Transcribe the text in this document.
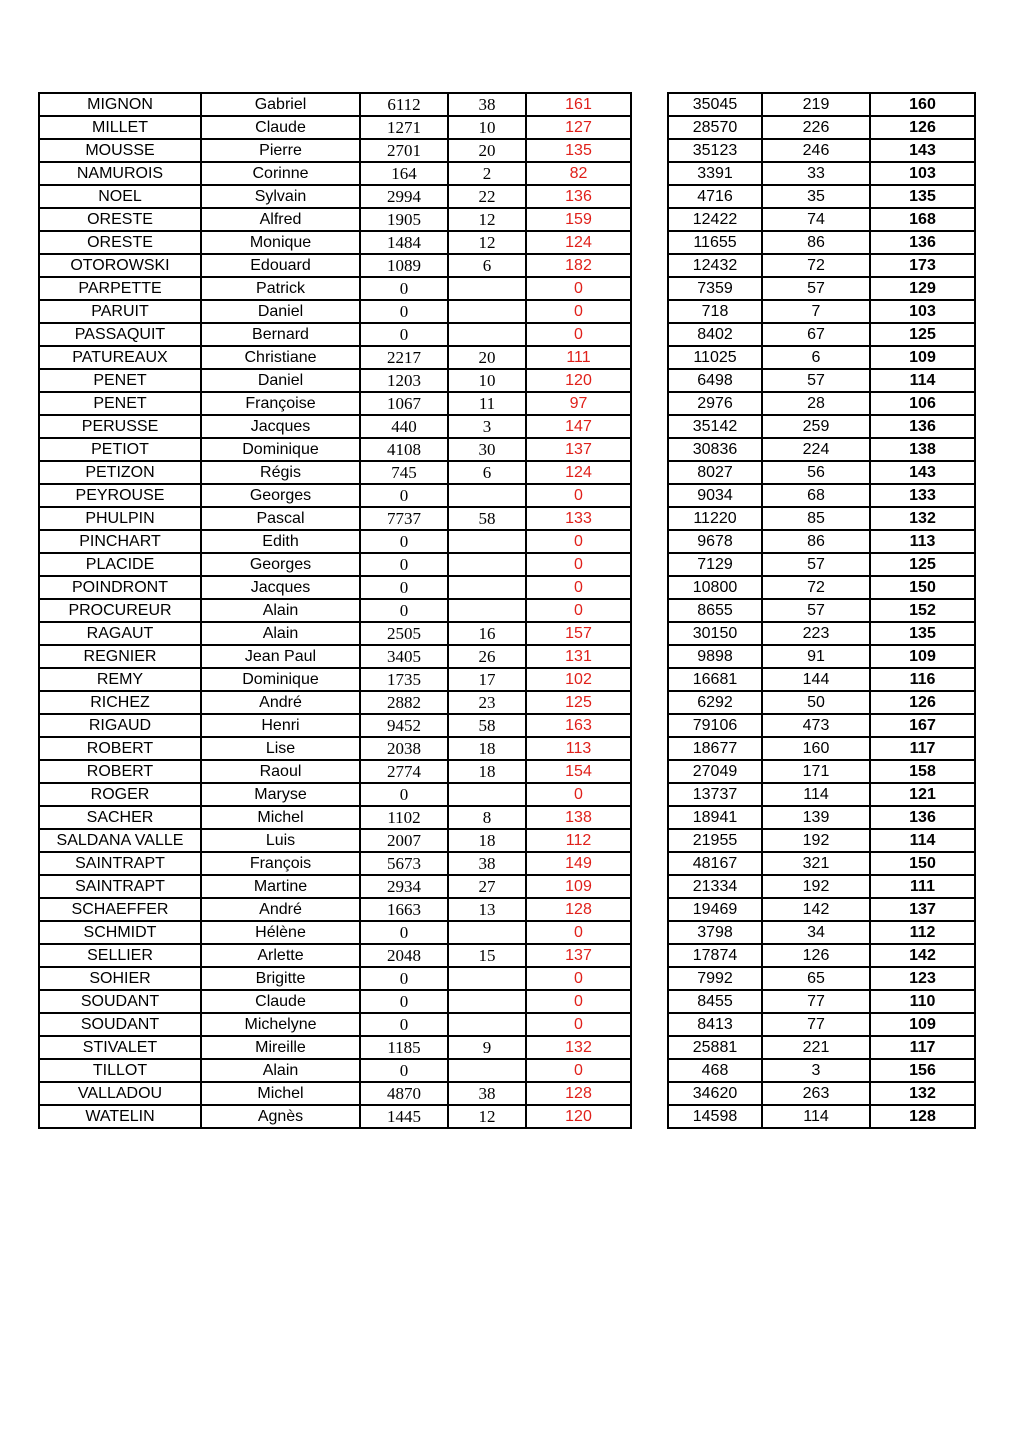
MIGNON	Gabriel	6112	38	161
MILLET	Claude	1271	10	127
MOUSSE	Pierre	2701	20	135
NAMUROIS	Corinne	164	2	82
NOEL	Sylvain	2994	22	136
ORESTE	Alfred	1905	12	159
ORESTE	Monique	1484	12	124
OTOROWSKI	Edouard	1089	6	182
PARPETTE	Patrick	0		0
PARUIT	Daniel	0		0
PASSAQUIT	Bernard	0		0
PATUREAUX	Christiane	2217	20	111
PENET	Daniel	1203	10	120
PENET	Françoise	1067	11	97
PERUSSE	Jacques	440	3	147
PETIOT	Dominique	4108	30	137
PETIZON	Régis	745	6	124
PEYROUSE	Georges	0		0
PHULPIN	Pascal	7737	58	133
PINCHART	Edith	0		0
PLACIDE	Georges	0		0
POINDRONT	Jacques	0		0
PROCUREUR	Alain	0		0
RAGAUT	Alain	2505	16	157
REGNIER	Jean Paul	3405	26	131
REMY	Dominique	1735	17	102
RICHEZ	André	2882	23	125
RIGAUD	Henri	9452	58	163
ROBERT	Lise	2038	18	113
ROBERT	Raoul	2774	18	154
ROGER	Maryse	0		0
SACHER	Michel	1102	8	138
SALDANA VALLE	Luis	2007	18	112
SAINTRAPT	François	5673	38	149
SAINTRAPT	Martine	2934	27	109
SCHAEFFER	André	1663	13	128
SCHMIDT	Hélène	0		0
SELLIER	Arlette	2048	15	137
SOHIER	Brigitte	0		0
SOUDANT	Claude	0		0
SOUDANT	Michelyne	0		0
STIVALET	Mireille	1185	9	132
TILLOT	Alain	0		0
VALLADOU	Michel	4870	38	128
WATELIN	Agnès	1445	12	120
35045	219	160
28570	226	126
35123	246	143
3391	33	103
4716	35	135
12422	74	168
11655	86	136
12432	72	173
7359	57	129
718	7	103
8402	67	125
11025	6	109
6498	57	114
2976	28	106
35142	259	136
30836	224	138
8027	56	143
9034	68	133
11220	85	132
9678	86	113
7129	57	125
10800	72	150
8655	57	152
30150	223	135
9898	91	109
16681	144	116
6292	50	126
79106	473	167
18677	160	117
27049	171	158
13737	114	121
18941	139	136
21955	192	114
48167	321	150
21334	192	111
19469	142	137
3798	34	112
17874	126	142
7992	65	123
8455	77	110
8413	77	109
25881	221	117
468	3	156
34620	263	132
14598	114	128
